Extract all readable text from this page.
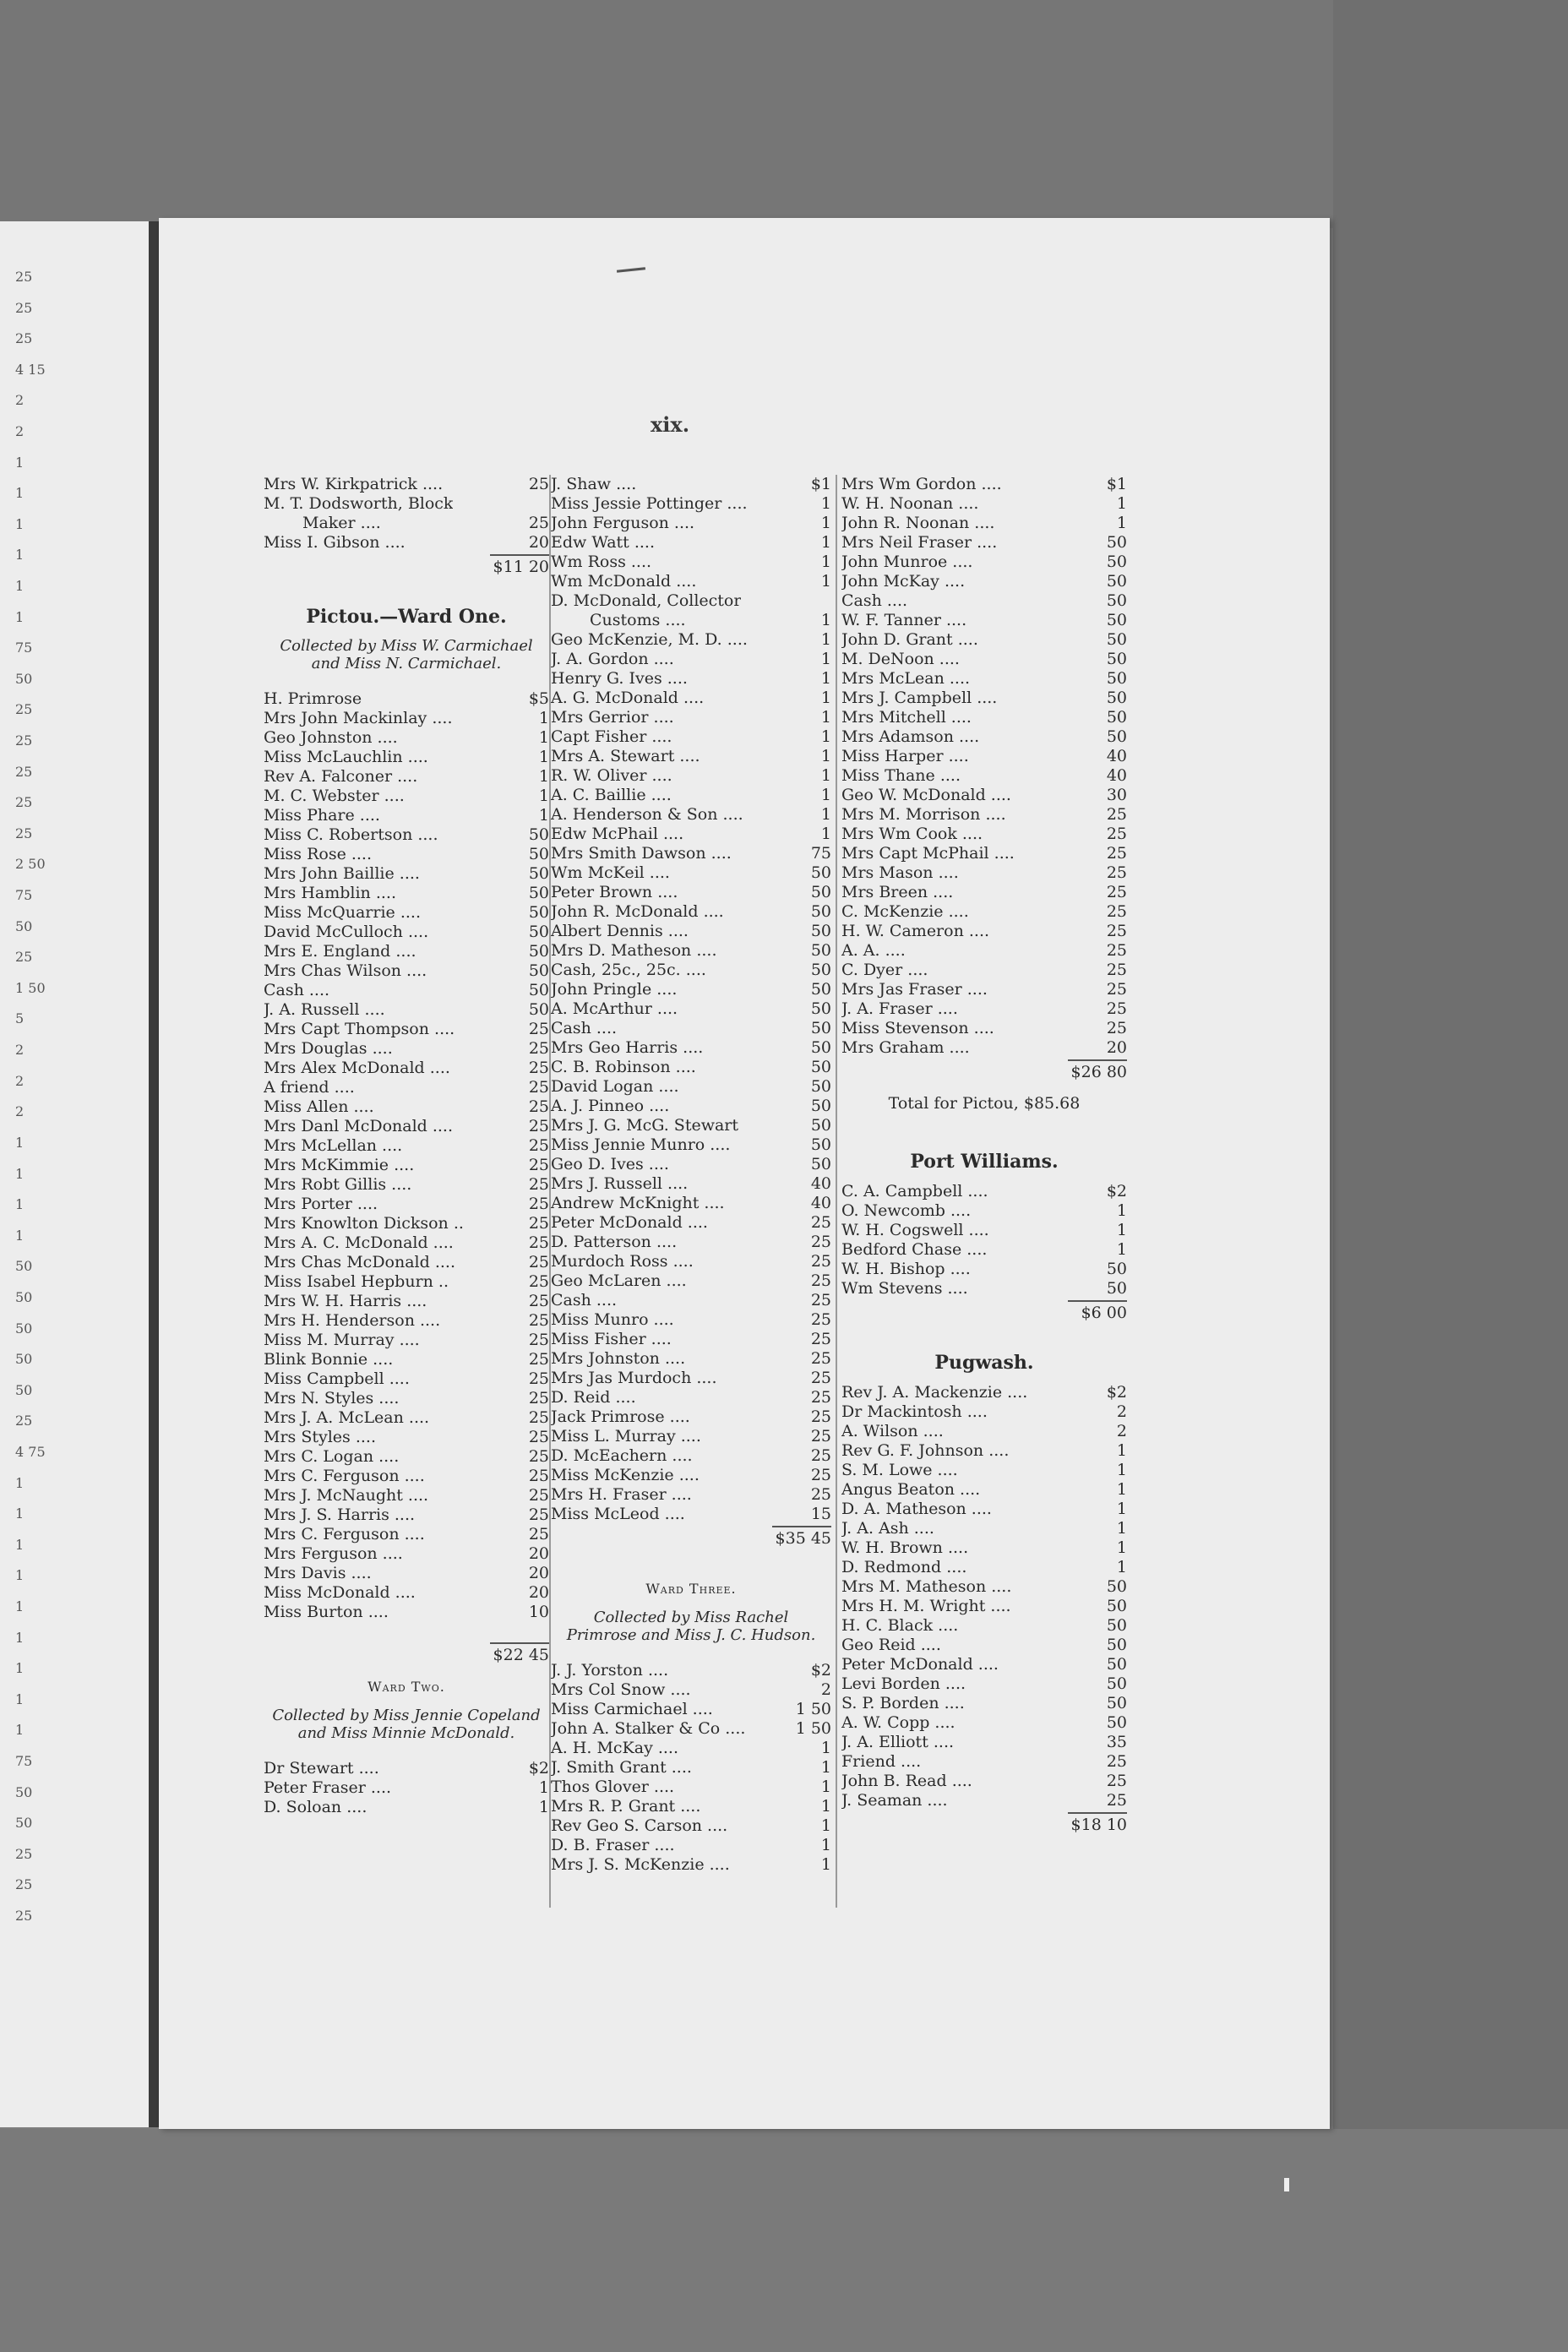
25
25
25
4 15
2
2
1
1
1
1
1
1
75
50
25
25
25
25
25
2 50
75
50
25
1 50
5
2
2
2
1
1
1
1
50
50
50
50
50
25
4 75
1
1
1
1
1
1
1
1
1
75
50
50
25
25
25
xix.
Mrs W. Kirkpatrick ....	25
M. T. Dodsworth, Block
Maker ....	25
Miss I. Gibson ....	20
$11 20
Pictou.—Ward One.
Collected by Miss W. Carmichael and Miss N. Carmichael.
H. Primrose	$5
Mrs John Mackinlay ....	1
Geo Johnston ....	1
Miss McLauchlin ....	1
Rev A. Falconer ....	1
M. C. Webster ....	1
Miss Phare ....	1
Miss C. Robertson ....	50
Miss Rose ....	50
Mrs John Baillie ....	50
Mrs Hamblin ....	50
Miss McQuarrie ....	50
David McCulloch ....	50
Mrs E. England ....	50
Mrs Chas Wilson ....	50
Cash ....	50
J. A. Russell ....	50
Mrs Capt Thompson ....	25
Mrs Douglas ....	25
Mrs Alex McDonald ....	25
A friend ....	25
Miss Allen ....	25
Mrs Danl McDonald ....	25
Mrs McLellan ....	25
Mrs McKimmie ....	25
Mrs Robt Gillis ....	25
Mrs Porter ....	25
Mrs Knowlton Dickson ..	25
Mrs A. C. McDonald ....	25
Mrs Chas McDonald ....	25
Miss Isabel Hepburn ..	25
Mrs W. H. Harris ....	25
Mrs H. Henderson ....	25
Miss M. Murray ....	25
Blink Bonnie ....	25
Miss Campbell ....	25
Mrs N. Styles ....	25
Mrs J. A. McLean ....	25
Mrs Styles ....	25
Mrs C. Logan ....	25
Mrs C. Ferguson ....	25
Mrs J. McNaught ....	25
Mrs J. S. Harris ....	25
Mrs C. Ferguson ....	25
Mrs Ferguson ....	20
Mrs Davis ....	20
Miss McDonald ....	20
Miss Burton ....	10
$22 45
Ward Two.
Collected by Miss Jennie Copeland and Miss Minnie McDonald.
Dr Stewart ....	$2
Peter Fraser ....	1
D. Soloan ....	1
J. Shaw ....	$1
Miss Jessie Pottinger ....	1
John Ferguson ....	1
Edw Watt ....	1
Wm Ross ....	1
Wm McDonald ....	1
D. McDonald, Collector
Customs ....	1
Geo McKenzie, M. D. ....	1
J. A. Gordon ....	1
Henry G. Ives ....	1
A. G. McDonald ....	1
Mrs Gerrior ....	1
Capt Fisher ....	1
Mrs A. Stewart ....	1
R. W. Oliver ....	1
A. C. Baillie ....	1
A. Henderson & Son ....	1
Edw McPhail ....	1
Mrs Smith Dawson ....	75
Wm McKeil ....	50
Peter Brown ....	50
John R. McDonald ....	50
Albert Dennis ....	50
Mrs D. Matheson ....	50
Cash, 25c., 25c. ....	50
John Pringle ....	50
A. McArthur ....	50
Cash ....	50
Mrs Geo Harris ....	50
C. B. Robinson ....	50
David Logan ....	50
A. J. Pinneo ....	50
Mrs J. G. McG. Stewart	50
Miss Jennie Munro ....	50
Geo D. Ives ....	50
Mrs J. Russell ....	40
Andrew McKnight ....	40
Peter McDonald ....	25
D. Patterson ....	25
Murdoch Ross ....	25
Geo McLaren ....	25
Cash ....	25
Miss Munro ....	25
Miss Fisher ....	25
Mrs Johnston ....	25
Mrs Jas Murdoch ....	25
D. Reid ....	25
Jack Primrose ....	25
Miss L. Murray ....	25
D. McEachern ....	25
Miss McKenzie ....	25
Mrs H. Fraser ....	25
Miss McLeod ....	15
$35 45
Ward Three.
Collected by Miss Rachel Primrose and Miss J. C. Hudson.
J. J. Yorston ....	$2
Mrs Col Snow ....	2
Miss Carmichael ....	1 50
John A. Stalker & Co ....	1 50
A. H. McKay ....	1
J. Smith Grant ....	1
Thos Glover ....	1
Mrs R. P. Grant ....	1
Rev Geo S. Carson ....	1
D. B. Fraser ....	1
Mrs J. S. McKenzie ....	1
Mrs Wm Gordon ....	$1
W. H. Noonan ....	1
John R. Noonan ....	1
Mrs Neil Fraser ....	50
John Munroe ....	50
John McKay ....	50
Cash ....	50
W. F. Tanner ....	50
John D. Grant ....	50
M. DeNoon ....	50
Mrs McLean ....	50
Mrs J. Campbell ....	50
Mrs Mitchell ....	50
Mrs Adamson ....	50
Miss Harper ....	40
Miss Thane ....	40
Geo W. McDonald ....	30
Mrs M. Morrison ....	25
Mrs Wm Cook ....	25
Mrs Capt McPhail ....	25
Mrs Mason ....	25
Mrs Breen ....	25
C. McKenzie ....	25
H. W. Cameron ....	25
A. A. ....	25
C. Dyer ....	25
Mrs Jas Fraser ....	25
J. A. Fraser ....	25
Miss Stevenson ....	25
Mrs Graham ....	20
$26 80
Total for Pictou, $85.68
Port Williams.
C. A. Campbell ....	$2
O. Newcomb ....	1
W. H. Cogswell ....	1
Bedford Chase ....	1
W. H. Bishop ....	50
Wm Stevens ....	50
$6 00
Pugwash.
Rev J. A. Mackenzie ....	$2
Dr Mackintosh ....	2
A. Wilson ....	2
Rev G. F. Johnson ....	1
S. M. Lowe ....	1
Angus Beaton ....	1
D. A. Matheson ....	1
J. A. Ash ....	1
W. H. Brown ....	1
D. Redmond ....	1
Mrs M. Matheson ....	50
Mrs H. M. Wright ....	50
H. C. Black ....	50
Geo Reid ....	50
Peter McDonald ....	50
Levi Borden ....	50
S. P. Borden ....	50
A. W. Copp ....	50
J. A. Elliott ....	35
Friend ....	25
John B. Read ....	25
J. Seaman ....	25
$18 10
